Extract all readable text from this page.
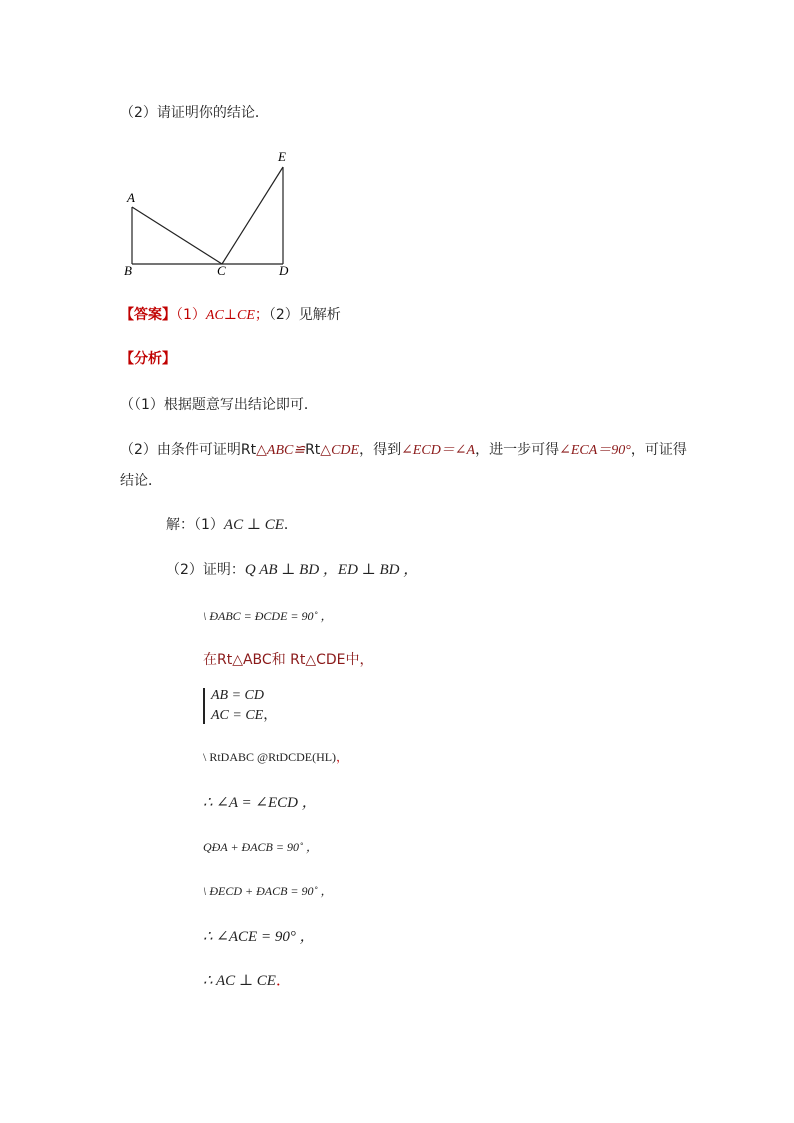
（2）请证明你的结论．
A
B	C	D
E
【答案】（1）AC⊥CE；（2）见解析
【分析】
（（1）根据题意写出结论即可．
（2）由条件可证明Rt△ABC≌Rt△CDE，得到∠ECD＝∠A，进一步可得∠ECA＝90°，可证得
结论．
解：（1）AC ⊥ CE．
（2）证明：Q AB ⊥ BD ，ED ⊥ BD ，
\ ÐABC = ÐCDE = 90˚ ，
在Rt△ABC和 Rt△CDE中，
AB = CD
AC = CE，
\ RtDABC @RtDCDE(HL)，
∴ ∠A = ∠ECD ，
QÐA + ÐACB = 90˚ ，
\ ÐECD + ÐACB = 90˚ ，
∴ ∠ACE = 90° ，
∴ AC ⊥ CE．
